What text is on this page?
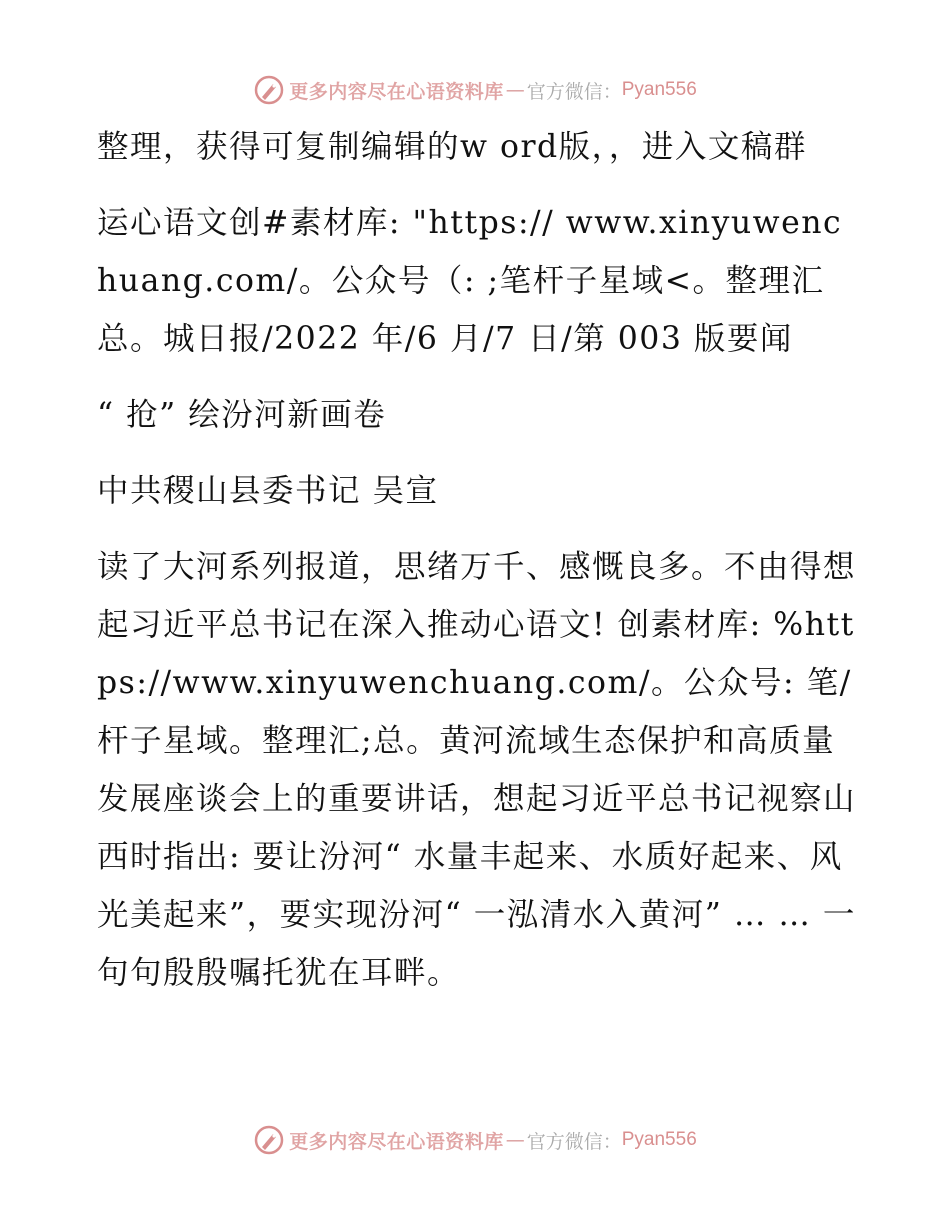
更多内容尽在心语资料库 — 官方微信： Pyan556

整理，获得可复制编辑的w ord版，，进入文稿群

运心语文创#素材库: "https:// www.xinyuwenchuang.com/。公众号（: ;笔杆子星域<。整理汇总。城日报/2022 年/6 月/7 日/第 003 版要闻

“ 抢” 绘汾河新画卷

中共稷山县委书记 吴宣

读了大河系列报道，思绪万千、感慨良多。不由得想起习近平总书记在深入推动心语文! 创素材库: %https://www.xinyuwenchuang.com/。公众号: 笔/杆子星域。整理汇;总。黄河流域生态保护和高质量发展座谈会上的重要讲话，想起习近平总书记视察山西时指出: 要让汾河“ 水量丰起来、水质好起来、风光美起来”，要实现汾河“ 一泓清水入黄河” … … 一句句殷殷嘱托犹在耳畔。

更多内容尽在心语资料库 — 官方微信： Pyan556
